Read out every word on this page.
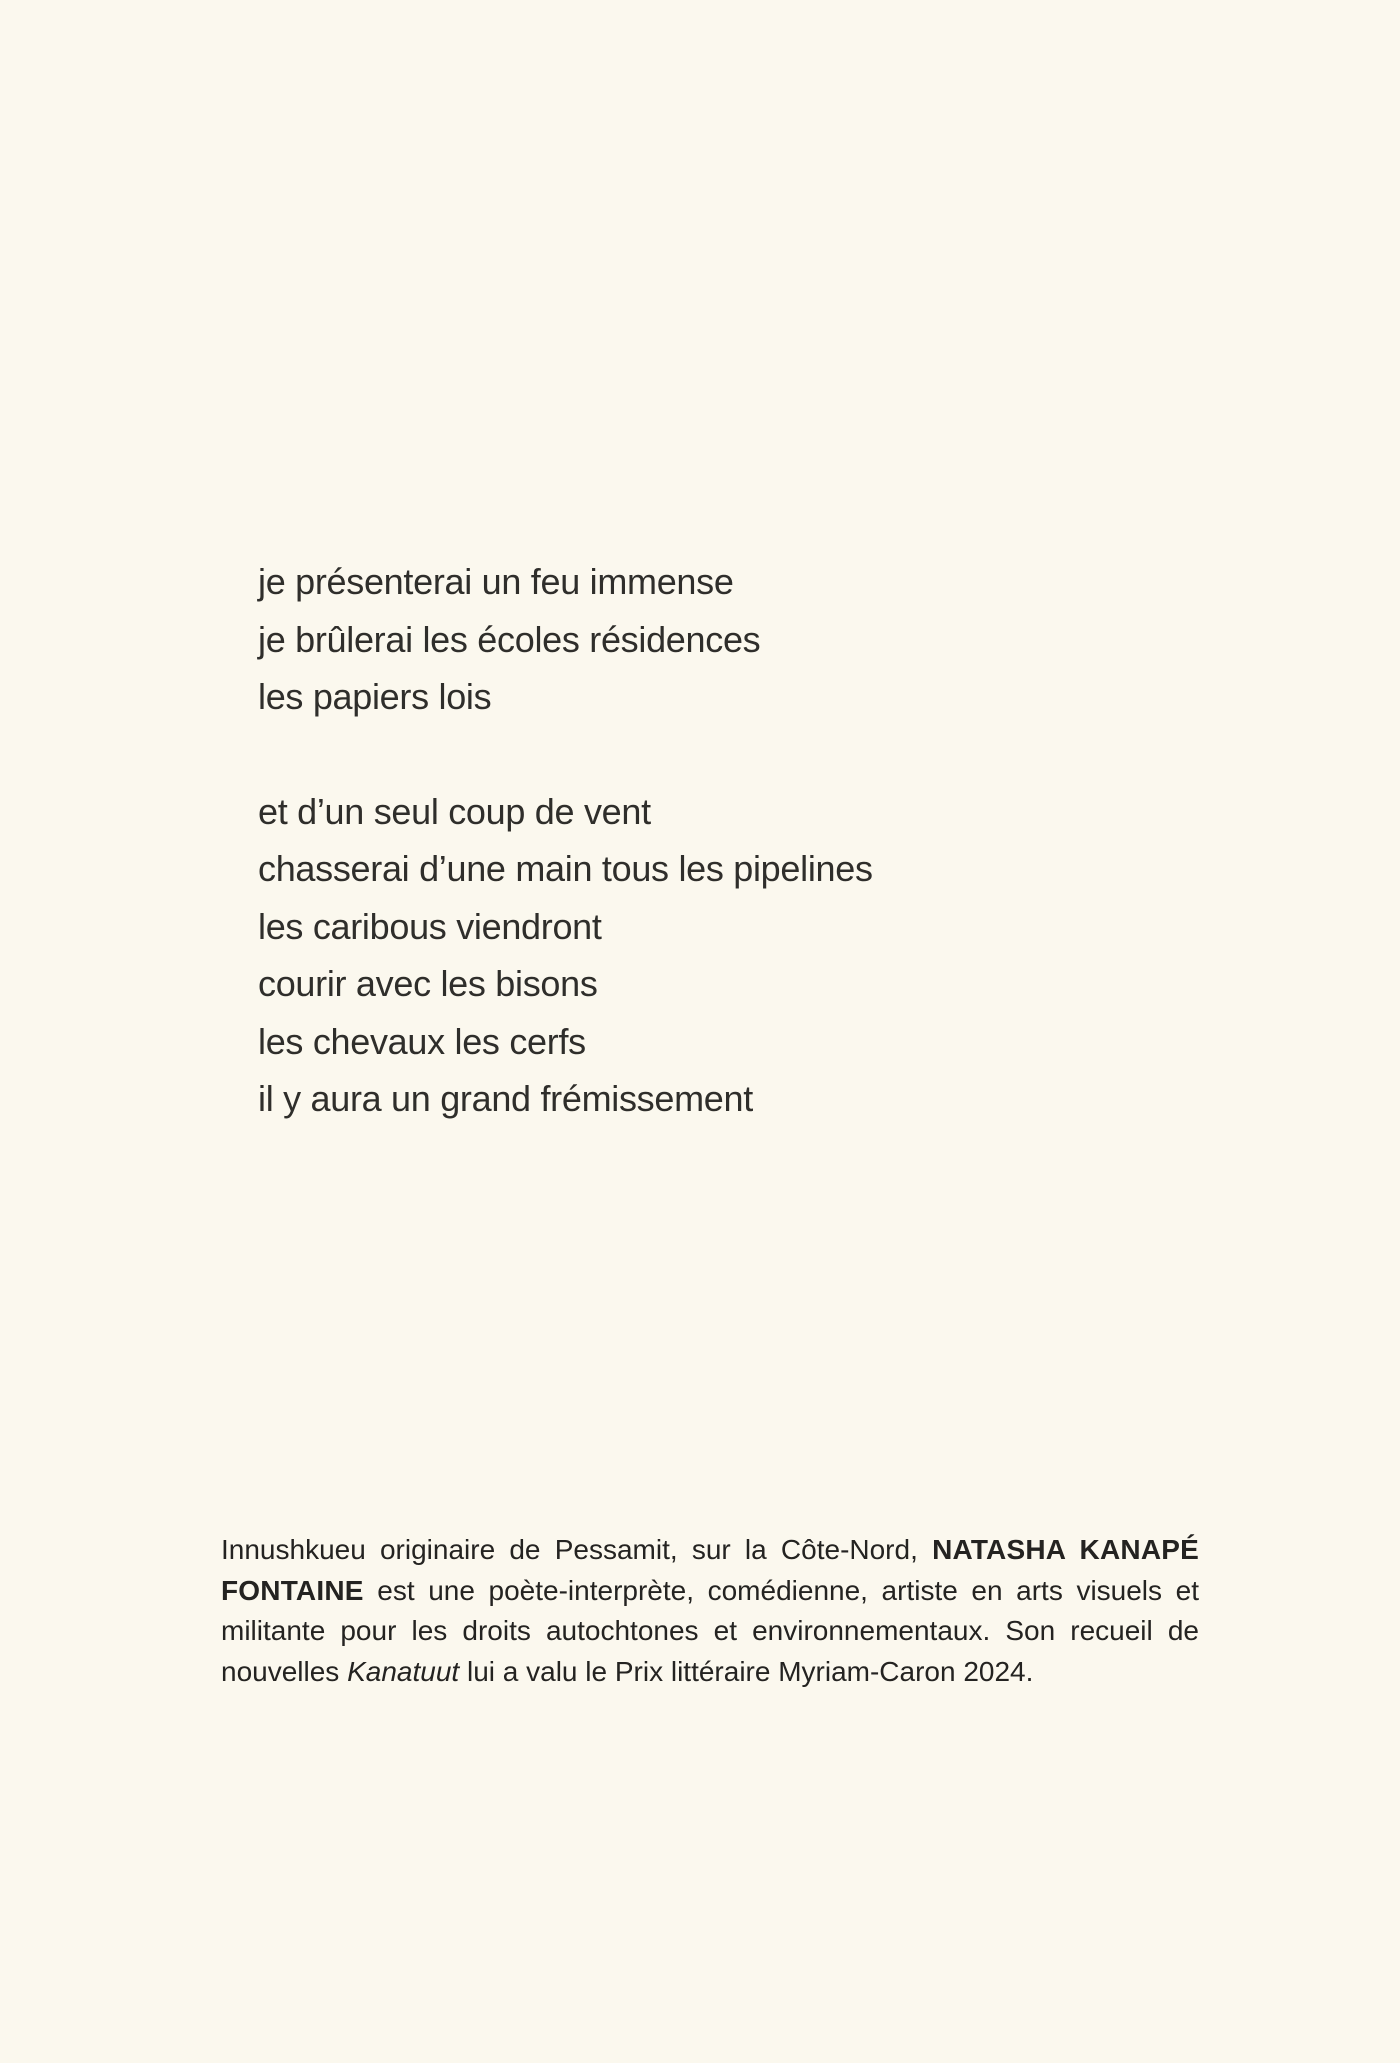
je présenterai un feu immense
je brûlerai les écoles résidences
les papiers lois

et d’un seul coup de vent
chasserai d’une main tous les pipelines
les caribous viendront
courir avec les bisons
les chevaux les cerfs
il y aura un grand frémissement

Innushkueu originaire de Pessamit, sur la Côte-Nord, NATASHA KANAPÉ FONTAINE est une poète-interprète, comédienne, artiste en arts visuels et militante pour les droits autochtones et environnementaux. Son recueil de nouvelles Kanatuut lui a valu le Prix littéraire Myriam-Caron 2024.
